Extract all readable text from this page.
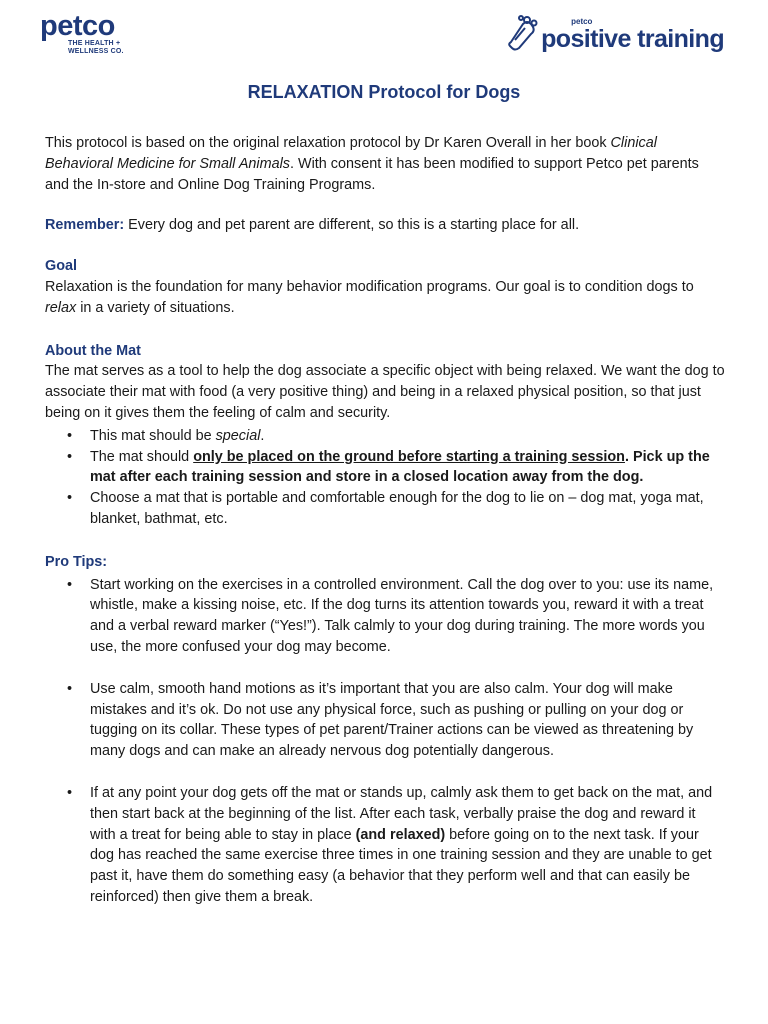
petco
THE HEALTH +
WELLNESS CO.
petco
positive training
RELAXATION Protocol for Dogs

This protocol is based on the original relaxation protocol by Dr Karen Overall in her book Clinical Behavioral Medicine for Small Animals. With consent it has been modified to support Petco pet parents and the In-store and Online Dog Training Programs.

Remember: Every dog and pet parent are different, so this is a starting place for all.

Goal

Relaxation is the foundation for many behavior modification programs. Our goal is to condition dogs to relax in a variety of situations.

About the Mat

The mat serves as a tool to help the dog associate a specific object with being relaxed. We want the dog to associate their mat with food (a very positive thing) and being in a relaxed physical position, so that just being on it gives them the feeling of calm and security.

• This mat should be special.
• The mat should only be placed on the ground before starting a training session. Pick up the mat after each training session and store in a closed location away from the dog.
• Choose a mat that is portable and comfortable enough for the dog to lie on – dog mat, yoga mat, blanket, bathmat, etc.

Pro Tips:

• Start working on the exercises in a controlled environment. Call the dog over to you: use its name, whistle, make a kissing noise, etc. If the dog turns its attention towards you, reward it with a treat and a verbal reward marker (“Yes!”). Talk calmly to your dog during training. The more words you use, the more confused your dog may become.
• Use calm, smooth hand motions as it’s important that you are also calm. Your dog will make mistakes and it’s ok. Do not use any physical force, such as pushing or pulling on your dog or tugging on its collar. These types of pet parent/Trainer actions can be viewed as threatening by many dogs and can make an already nervous dog potentially dangerous.
• If at any point your dog gets off the mat or stands up, calmly ask them to get back on the mat, and then start back at the beginning of the list. After each task, verbally praise the dog and reward it with a treat for being able to stay in place (and relaxed) before going on to the next task. If your dog has reached the same exercise three times in one training session and they are unable to get past it, have them do something easy (a behavior that they perform well and that can easily be reinforced) then give them a break.
